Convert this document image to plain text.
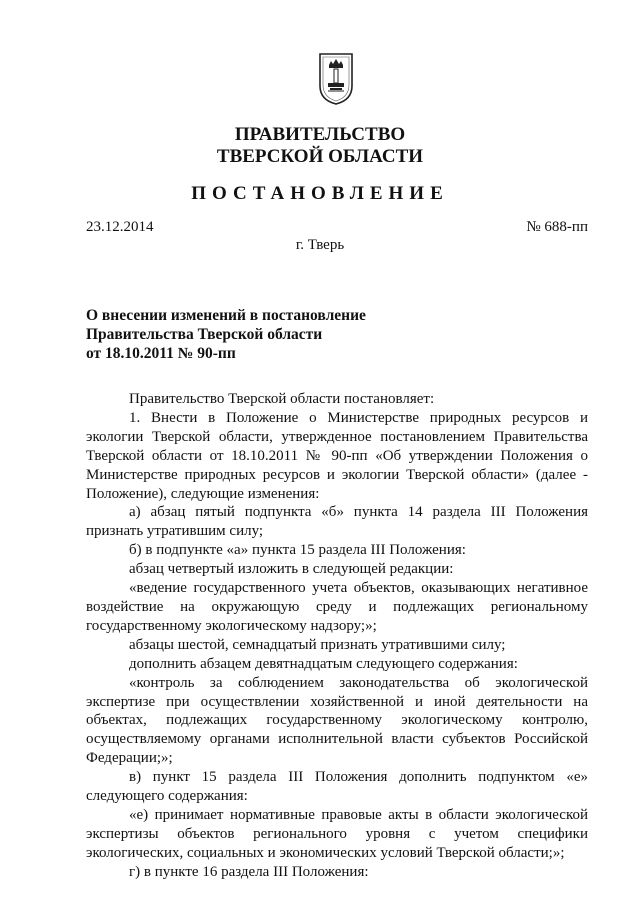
ПРАВИТЕЛЬСТВО
ТВЕРСКОЙ ОБЛАСТИ
ПОСТАНОВЛЕНИЕ
23.12.2014	№ 688-пп
г. Тверь
О внесении изменений в постановление
Правительства Тверской области
от 18.10.2011 № 90-пп
Правительство Тверской области постановляет:
1. Внести в Положение о Министерстве природных ресурсов и экологии Тверской области, утвержденное постановлением Правительства Тверской области от 18.10.2011 № 90-пп «Об утверждении Положения о Министерстве природных ресурсов и экологии Тверской области» (далее - Положение), следующие изменения:
а) абзац пятый подпункта «б» пункта 14 раздела III Положения признать утратившим силу;
б) в подпункте «а» пункта 15 раздела III Положения:
абзац четвертый изложить в следующей редакции:
«ведение государственного учета объектов, оказывающих негативное воздействие на окружающую среду и подлежащих региональному государственному экологическому надзору;»;
абзацы шестой, семнадцатый признать утратившими силу;
дополнить абзацем девятнадцатым следующего содержания:
«контроль за соблюдением законодательства об экологической экспертизе при осуществлении хозяйственной и иной деятельности на объектах, подлежащих государственному экологическому контролю, осуществляемому органами исполнительной власти субъектов Российской Федерации;»;
в) пункт 15 раздела III Положения дополнить подпунктом «е» следующего содержания:
«е) принимает нормативные правовые акты в области экологической экспертизы объектов регионального уровня с учетом специфики экологических, социальных и экономических условий Тверской области;»;
г) в пункте 16 раздела III Положения:
